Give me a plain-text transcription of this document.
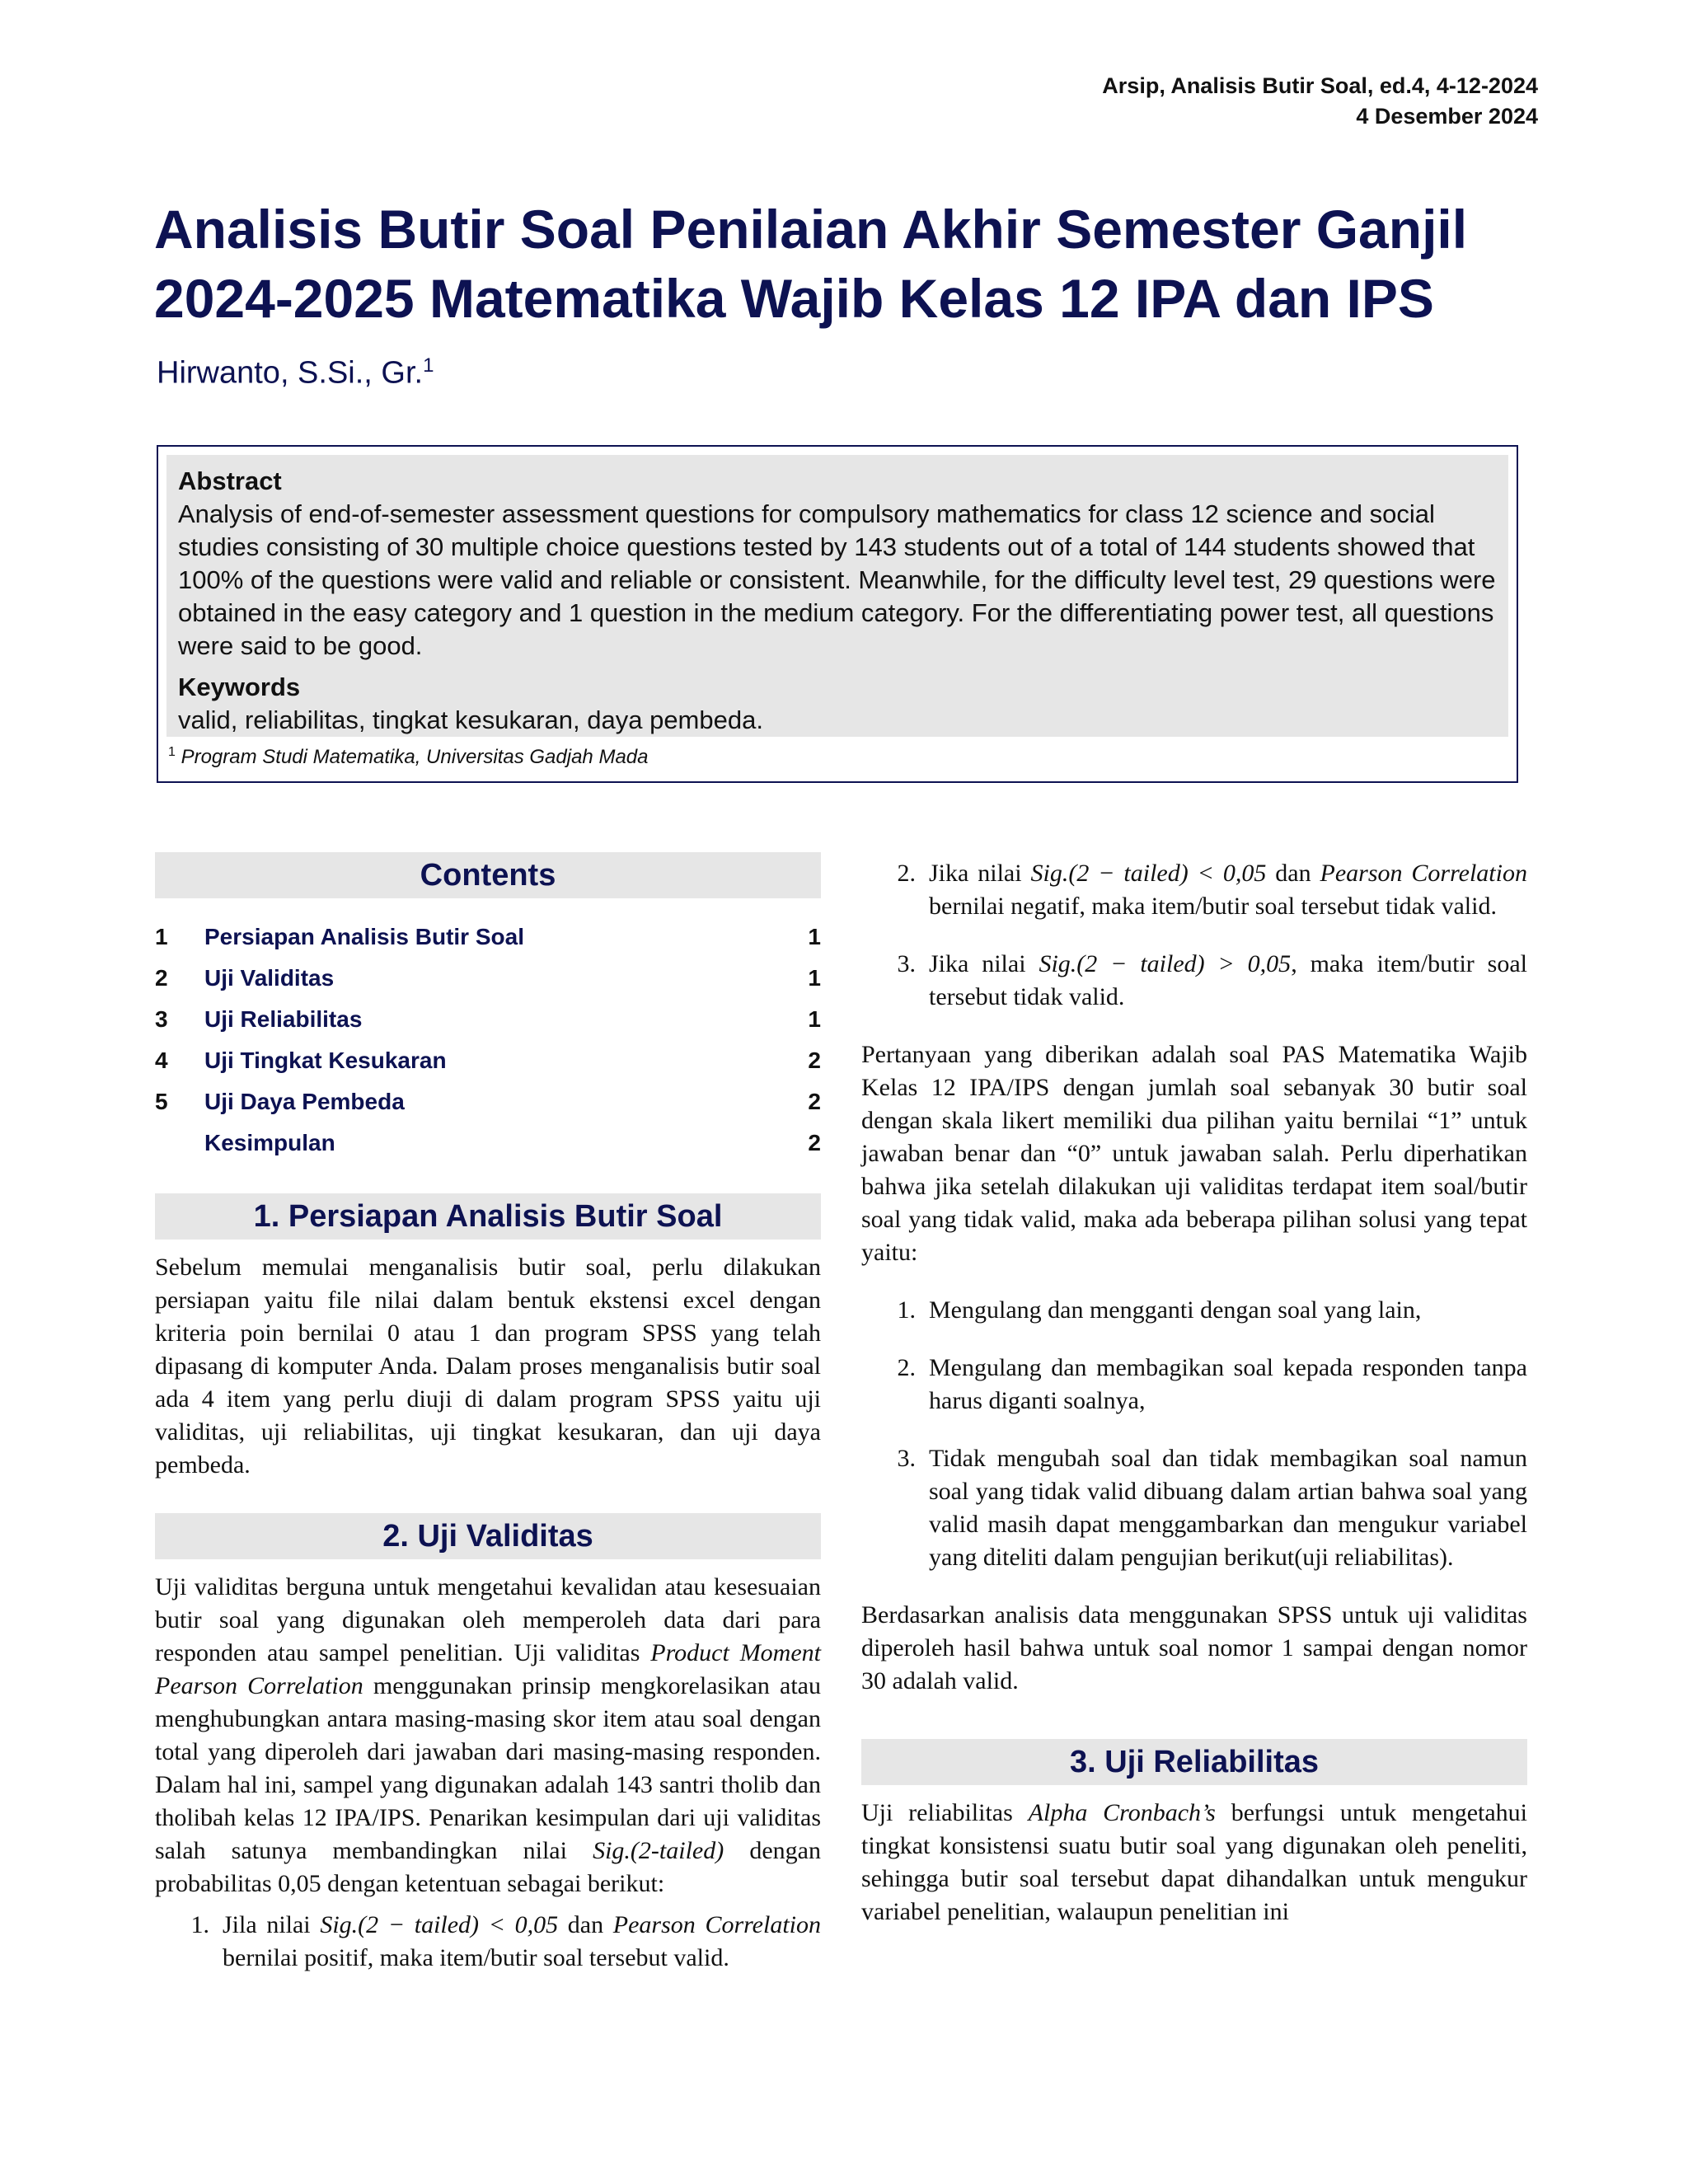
Arsip, Analisis Butir Soal, ed.4, 4-12-2024
4 Desember 2024
Analisis Butir Soal Penilaian Akhir Semester Ganjil 2024-2025 Matematika Wajib Kelas 12 IPA dan IPS
Hirwanto, S.Si., Gr.$^1$
Abstract
Analysis of end-of-semester assessment questions for compulsory mathematics for class 12 science and social studies consisting of 30 multiple choice questions tested by 143 students out of a total of 144 students showed that 100% of the questions were valid and reliable or consistent. Meanwhile, for the difficulty level test, 29 questions were obtained in the easy category and 1 question in the medium category. For the differentiating power test, all questions were said to be good.
Keywords
valid, reliabilitas, tingkat kesukaran, daya pembeda.
$^1$ Program Studi Matematika, Universitas Gadjah Mada
Contents
1	Persiapan Analisis Butir Soal	1
2	Uji Validitas	1
3	Uji Reliabilitas	1
4	Uji Tingkat Kesukaran	2
5	Uji Daya Pembeda	2
Kesimpulan	2
1. Persiapan Analisis Butir Soal

Sebelum memulai menganalisis butir soal, perlu dilakukan persiapan yaitu file nilai dalam bentuk ekstensi excel dengan kriteria poin bernilai 0 atau 1 dan program SPSS yang telah dipasang di komputer Anda. Dalam proses menganalisis butir soal ada 4 item yang perlu diuji di dalam program SPSS yaitu uji validitas, uji reliabilitas, uji tingkat kesukaran, dan uji daya pembeda.

2. Uji Validitas

Uji validitas berguna untuk mengetahui kevalidan atau kesesuaian butir soal yang digunakan oleh memperoleh data dari para responden atau sampel penelitian. Uji validitas Product Moment Pearson Correlation menggunakan prinsip mengkorelasikan atau menghubungkan antara masing-masing skor item atau soal dengan total yang diperoleh dari jawaban dari masing-masing responden. Dalam hal ini, sampel yang digunakan adalah 143 santri tholib dan tholibah kelas 12 IPA/IPS. Penarikan kesimpulan dari uji validitas salah satunya membandingkan nilai Sig.(2-tailed) dengan probabilitas 0,05 dengan ketentuan sebagai berikut:

1. Jila nilai Sig.(2 − tailed) < 0,05 dan Pearson Correlation bernilai positif, maka item/butir soal tersebut valid.
2. Jika nilai Sig.(2 − tailed) < 0,05 dan Pearson Correlation bernilai negatif, maka item/butir soal tersebut tidak valid.
3. Jika nilai Sig.(2 − tailed) > 0,05, maka item/butir soal tersebut tidak valid.

Pertanyaan yang diberikan adalah soal PAS Matematika Wajib Kelas 12 IPA/IPS dengan jumlah soal sebanyak 30 butir soal dengan skala likert memiliki dua pilihan yaitu bernilai “1” untuk jawaban benar dan “0” untuk jawaban salah. Perlu diperhatikan bahwa jika setelah dilakukan uji validitas terdapat item soal/butir soal yang tidak valid, maka ada beberapa pilihan solusi yang tepat yaitu:

1. Mengulang dan mengganti dengan soal yang lain,
2. Mengulang dan membagikan soal kepada responden tanpa harus diganti soalnya,
3. Tidak mengubah soal dan tidak membagikan soal namun soal yang tidak valid dibuang dalam artian bahwa soal yang valid masih dapat menggambarkan dan mengukur variabel yang diteliti dalam pengujian berikut(uji reliabilitas).

Berdasarkan analisis data menggunakan SPSS untuk uji validitas diperoleh hasil bahwa untuk soal nomor 1 sampai dengan nomor 30 adalah valid.

3. Uji Reliabilitas

Uji reliabilitas Alpha Cronbach’s berfungsi untuk mengetahui tingkat konsistensi suatu butir soal yang digunakan oleh peneliti, sehingga butir soal tersebut dapat dihandalkan untuk mengukur variabel penelitian, walaupun penelitian ini
